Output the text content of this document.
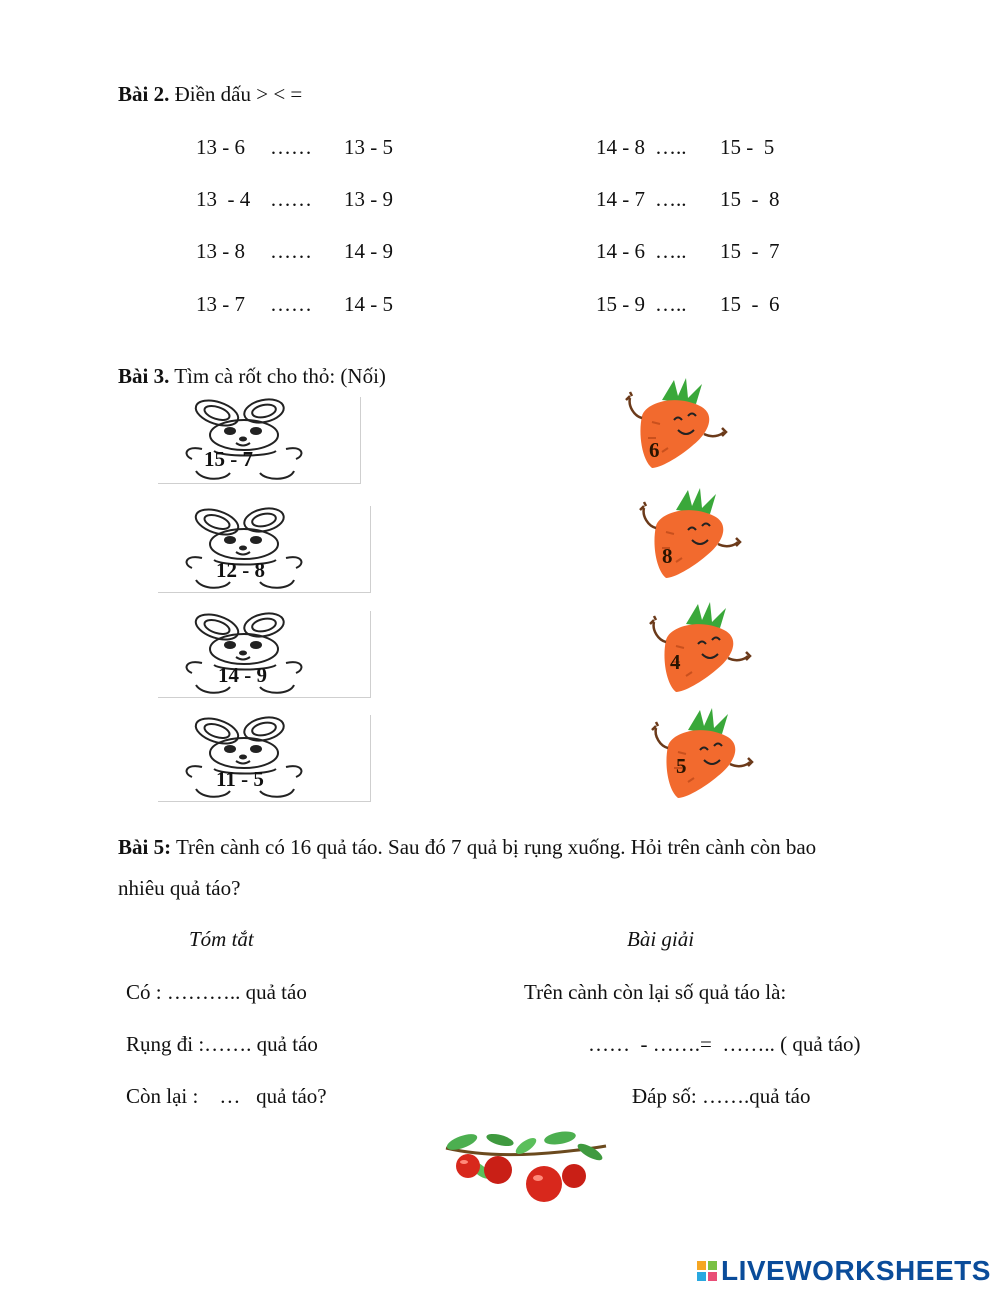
Bài 2. Điền dấu > < =
13 - 6 …… 13 - 5	14 - 8 ….. 15 -  5
13  - 4 …… 13 - 9	14 - 7 ….. 15  -  8
13 - 8 …… 14 - 9	14 - 6 ….. 15  -  7
13 - 7 …… 14 - 5	15 - 9 ….. 15  -  6
Bài 3. Tìm cà rốt cho thỏ: (Nối)
15 - 7
12 - 8
14 - 9
11 - 5
6
8
4
5
Bài 5: Trên cành có 16 quả táo. Sau đó 7 quả bị rụng xuống. Hỏi trên cành còn bao
nhiêu quả táo?
Tóm tắt	Bài giải
Có : ……….. quả táo
Rụng đi :……. quả táo
Còn lại :    …   quả táo?
Trên cành còn lại số quả táo là:
……  - …….=  …….. ( quả táo)
Đáp số: …….quả táo
LIVEWORKSHEETS
